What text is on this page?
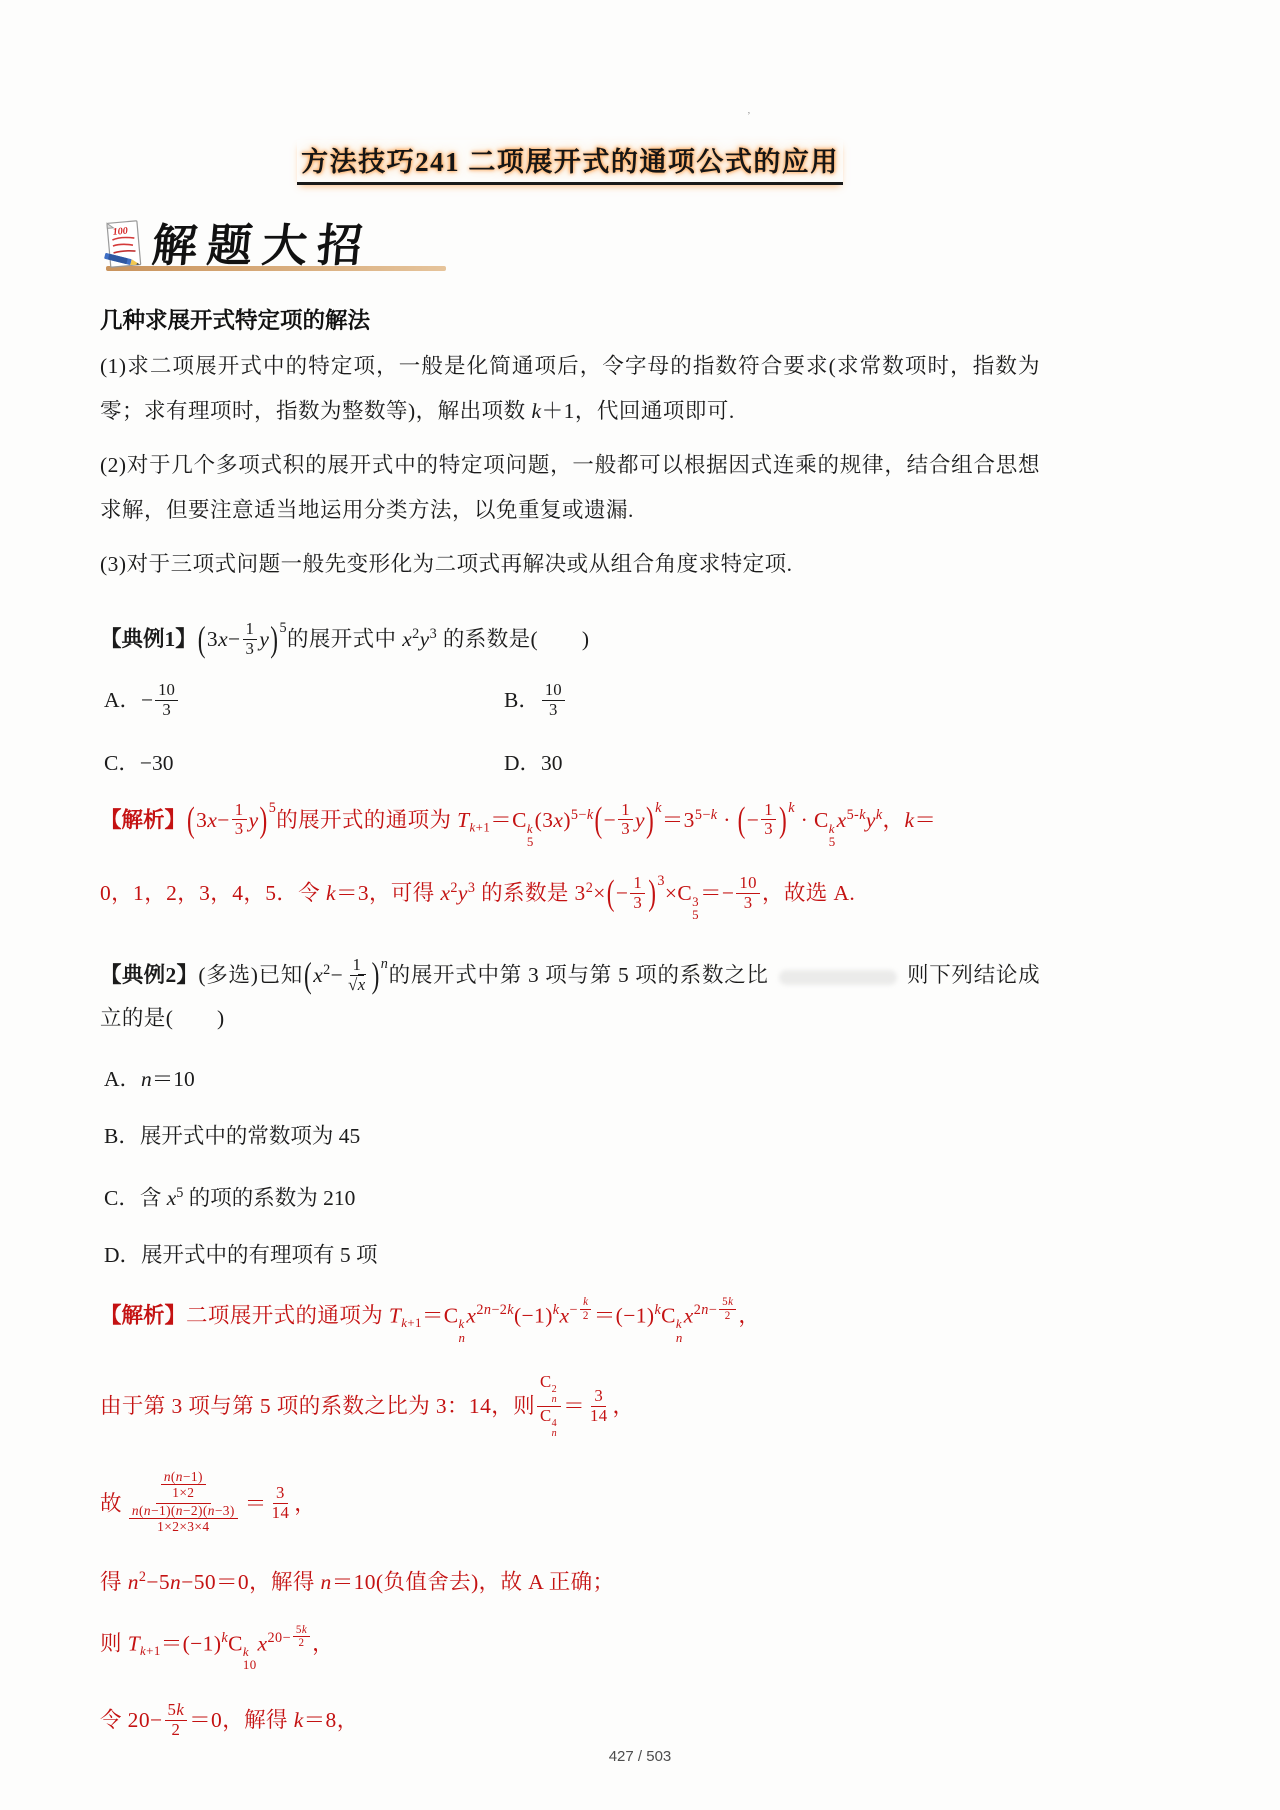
’
方法技巧241 二项展开式的通项公式的应用
100 解题大招
几种求展开式特定项的解法

(1)求二项展开式中的特定项，一般是化简通项后，令字母的指数符合要求(求常数项时，指数为零；求有理项时，指数为整数等)，解出项数 k＋1，代回通项即可.

(2)对于几个多项式积的展开式中的特定项问题，一般都可以根据因式连乘的规律，结合组合思想求解，但要注意适当地运用分类方法，以免重复或遗漏.

(3)对于三项式问题一般先变形化为二项式再解决或从组合角度求特定项.

【典例1】$(3x- \frac{1}{3} y)^5$的展开式中 $x^2y^3$ 的系数是(  )

A．− $\frac{10}{3}$	B． $\frac{10}{3}$
C．−30	D．30

【解析】$(3x- \frac{1}{3} y)^5$的展开式的通项为 $T_{k+1}=C$ k
5
$(3x)^{5-k}(- \frac{1}{3} y)^k=3^{5-k}$ · (− $\frac{1}{3} )^k \cdot C$ k
5
$x^{5-k}y^k$，k＝

0，1，2，3，4，5．令 k＝3，可得 $x^2y^3$ 的系数是 $3^2\times(- \frac{1}{3} )^3\times C$ 3
5
＝− $\frac{10}{3}$ ，故选 A.

【典例2】(多选)已知$(x^2- \frac{1}{√x} )^n$的展开式中第 3 项与第 5 项的系数之比	则下列结论成立的是(  )

A．n＝10

B．展开式中的常数项为 45

C．含 $x^5$ 的项的系数为 210

D．展开式中的有理项有 5 项

【解析】二项展开式的通项为 $T_{k+1}=C$ k
n
$x^{2n-2k}(-1)^kx^{- \frac{k}{2}} =(-1)^kC$ k
n
$x^{2n- \frac{5k}{2}}$ ，

由于第 3 项与第 5 项的系数之比为 3：14，则 C 2
n
C 4
$n = \frac{3}{14}$ ，

故 $\frac{\frac{n(n-1)}{1\times 2}}{\frac{n(n-1)(n-2)(n-3)}{1\times 2\times 3\times 4}} = \frac{3}{14}$ ，

得 $n^2-5n-50=0$，解得 n＝10(负值舍去)，故 A 正确；

则 $T_{k+1}=(-1)^kC$ k
10
$x^{20- \frac{5k}{2}}$ ，

令 $20- \frac{5k}{2} =0$，解得 k＝8，

427 / 503
